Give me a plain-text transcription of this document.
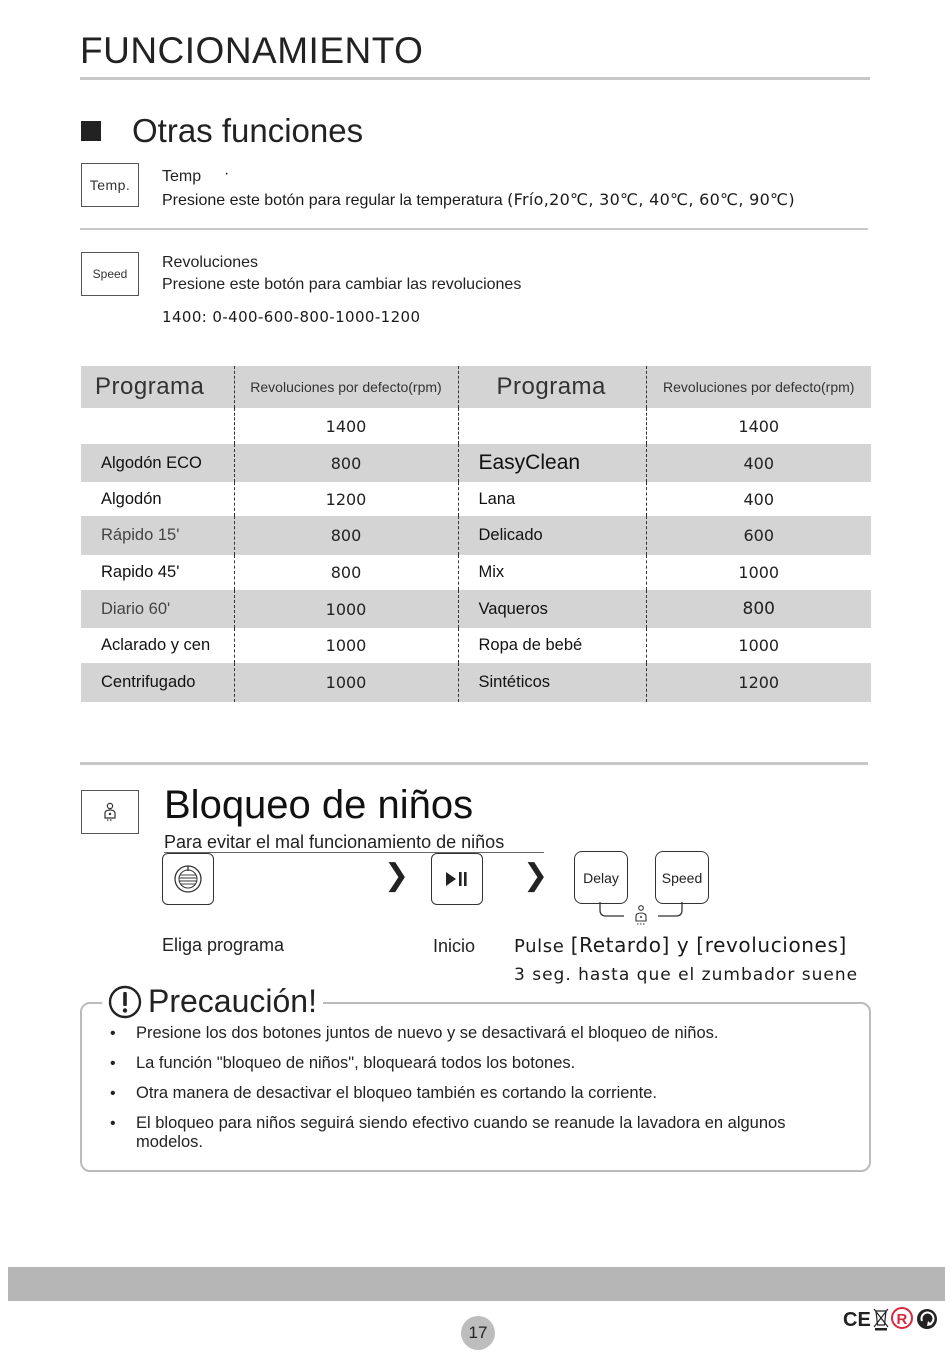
FUNCIONAMIENTO
Otras funciones
Temp.	Temp ·
Presione este botón para regular la temperatura (Frío,20℃, 30℃, 40℃, 60℃, 90℃)
Speed
Revoluciones
Presione este botón para cambiar las revoluciones
1400: 0-400-600-800-1000-1200
Programa	Revoluciones por defecto(rpm)	Programa	Revoluciones por defecto(rpm)
	1400		1400
Algodón ECO	800	EasyClean	400
Algodón	1200	Lana	400
Rápido 15'	800	Delicado	600
Rapido 45'	800	Mix	1000
Diario 60'	1000	Vaqueros	800
Aclarado y cen	1000	Ropa de bebé	1000
Centrifugado	1000	Sintéticos	1200
Bloqueo de niños
Para evitar el mal funcionamiento de niños
❯	❯	Delay	Speed
Eliga programa	Inicio Pulse [Retardo] y [revoluciones]
3 seg. hasta que el zumbador suene
Precaución!
• Presione los dos botones juntos de nuevo y se desactivará el bloqueo de niños.
• La función "bloqueo de niños", bloqueará todos los botones.
• Otra manera de desactivar el bloqueo también es cortando la corriente.
• El bloqueo para niños seguirá siendo efectivo cuando se reanude la lavadora en algunos modelos.
17
CE R
